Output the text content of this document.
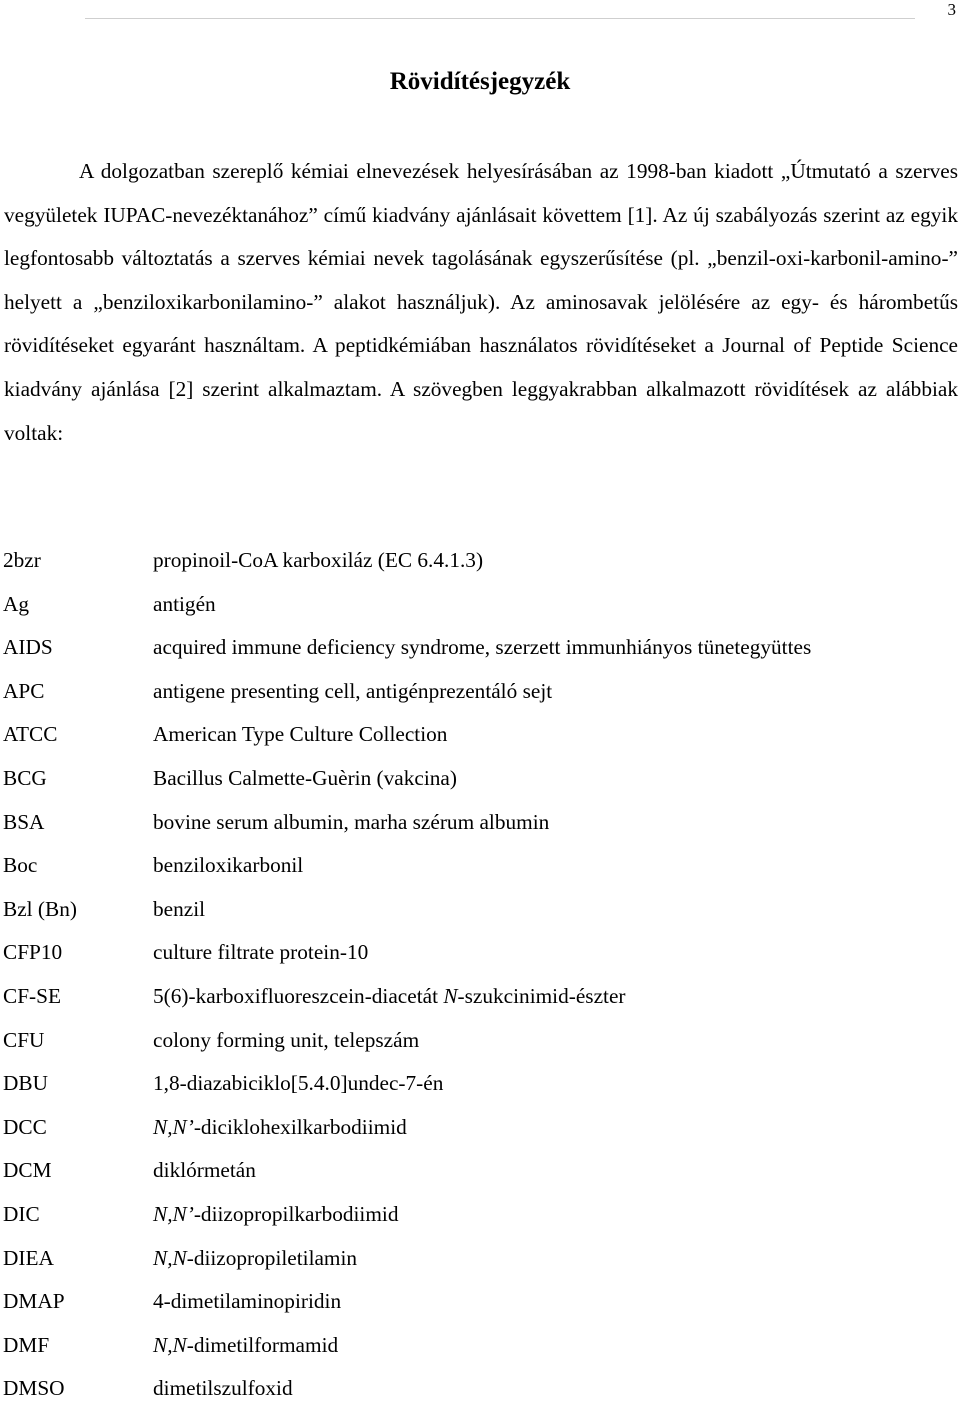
3
Rövidítésjegyzék

A dolgozatban szereplő kémiai elnevezések helyesírásában az 1998-ban kiadott „Útmutató a szerves vegyületek IUPAC-nevezéktanához” című kiadvány ajánlásait követtem [1]. Az új szabályozás szerint az egyik legfontosabb változtatás a szerves kémiai nevek tagolásának egyszerűsítése (pl. „benzil-oxi-karbonil-amino-” helyett a „benziloxikarbonilamino-” alakot használjuk). Az aminosavak jelölésére az egy- és hárombetűs rövidítéseket egyaránt használtam. A peptidkémiában használatos rövidítéseket a Journal of Peptide Science kiadvány ajánlása [2] szerint alkalmaztam. A szövegben leggyakrabban alkalmazott rövidítések az alábbiak voltak:

2bzr	propinoil-CoA karboxiláz (EC 6.4.1.3)
Ag	antigén
AIDS	acquired immune deficiency syndrome, szerzett immunhiányos tünetegyüttes
APC	antigene presenting cell, antigénprezentáló sejt
ATCC	American Type Culture Collection
BCG	Bacillus Calmette-Guèrin (vakcina)
BSA	bovine serum albumin, marha szérum albumin
Boc	benziloxikarbonil
Bzl (Bn)	benzil
CFP10	culture filtrate protein-10
CF-SE	5(6)-karboxifluoreszcein-diacetát N-szukcinimid-észter
CFU	colony forming unit, telepszám
DBU	1,8-diazabiciklo[5.4.0]undec-7-én
DCC	N,N’-diciklohexilkarbodiimid
DCM	diklórmetán
DIC	N,N’-diizopropilkarbodiimid
DIEA	N,N-diizopropiletilamin
DMAP	4-dimetilaminopiridin
DMF	N,N-dimetilformamid
DMSO	dimetilszulfoxid
